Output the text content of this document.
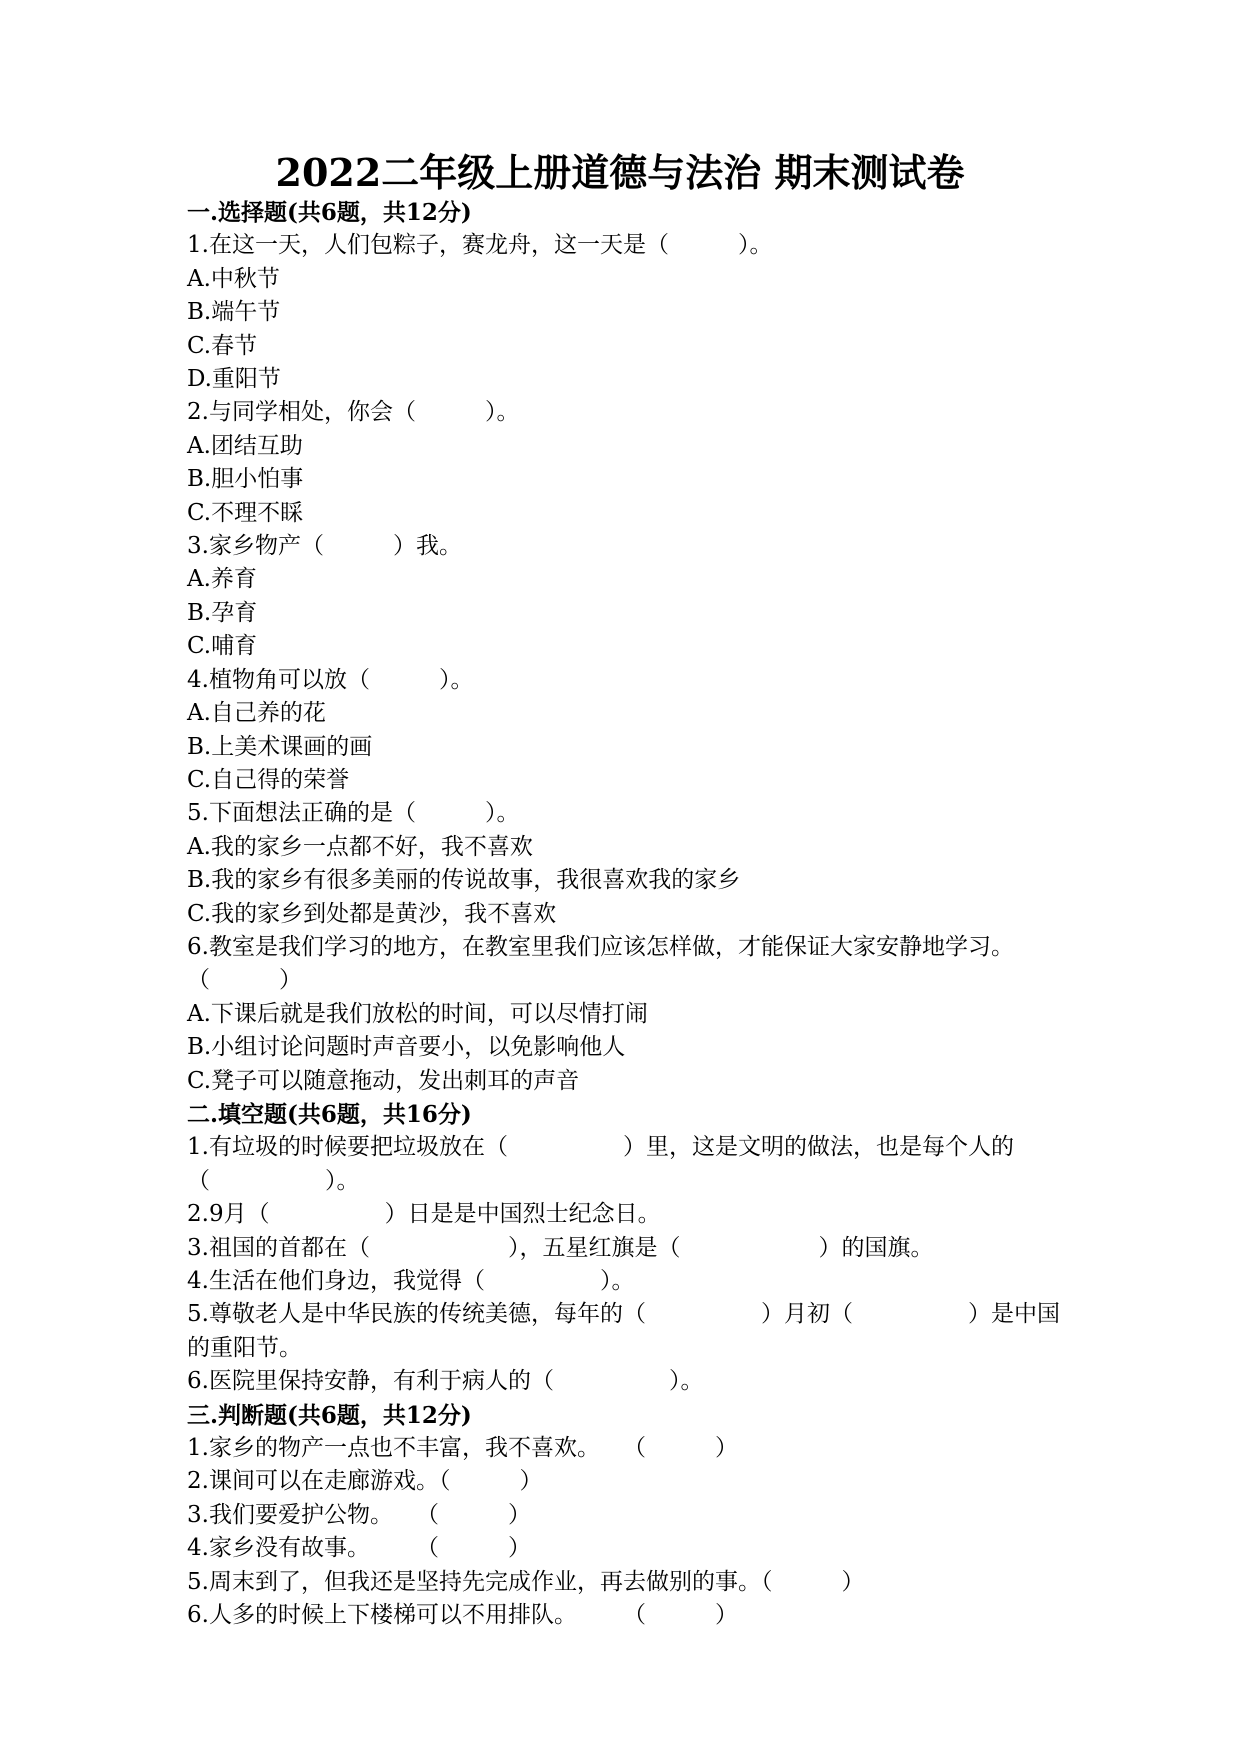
2022二年级上册道德与法治 期末测试卷
一.选择题(共6题，共12分)
1.在这一天，人们包粽子，赛龙舟，这一天是（　　　）。
A.中秋节
B.端午节
C.春节
D.重阳节
2.与同学相处，你会（　　　）。
A.团结互助
B.胆小怕事
C.不理不睬
3.家乡物产（　　　）我。
A.养育
B.孕育
C.哺育
4.植物角可以放（　　　）。
A.自己养的花
B.上美术课画的画
C.自己得的荣誉
5.下面想法正确的是（　　　）。
A.我的家乡一点都不好，我不喜欢
B.我的家乡有很多美丽的传说故事，我很喜欢我的家乡
C.我的家乡到处都是黄沙，我不喜欢
6.教室是我们学习的地方，在教室里我们应该怎样做，才能保证大家安静地学习。（　　　）
A.下课后就是我们放松的时间，可以尽情打闹
B.小组讨论问题时声音要小，以免影响他人
C.凳子可以随意拖动，发出刺耳的声音
二.填空题(共6题，共16分)
1.有垃圾的时候要把垃圾放在（　　　　　）里，这是文明的做法，也是每个人的（　　　　　）。
2.9月（　　　　　）日是是中国烈士纪念日。
3.祖国的首都在（　　　　　　），五星红旗是（　　　　　　）的国旗。
4.生活在他们身边，我觉得（　　　　　）。
5.尊敬老人是中华民族的传统美德，每年的（　　　　　）月初（　　　　　）是中国的重阳节。
6.医院里保持安静，有利于病人的（　　　　　）。
三.判断题(共6题，共12分)
1.家乡的物产一点也不丰富，我不喜欢。　　（　　　）
2.课间可以在走廊游戏。（　　　）
3.我们要爱护公物。　　（　　　）
4.家乡没有故事。　　　（　　　）
5.周末到了，但我还是坚持先完成作业，再去做别的事。（　　　）
6.人多的时候上下楼梯可以不用排队。　　　（　　　）
